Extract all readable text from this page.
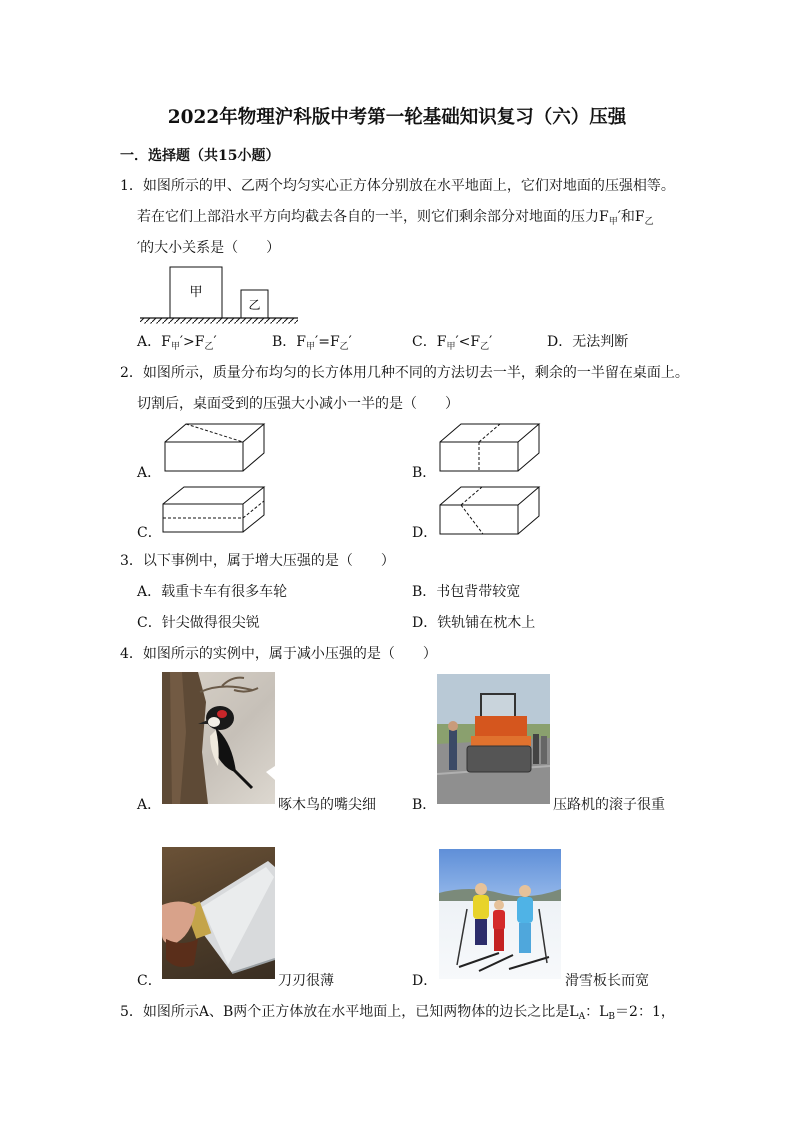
2022年物理沪科版中考第一轮基础知识复习（六）压强
一．选择题（共15小题）
1．如图所示的甲、乙两个均匀实心正方体分别放在水平地面上，它们对地面的压强相等。
若在它们上部沿水平方向均截去各自的一半，则它们剩余部分对地面的压力$F_甲'$和$F_乙$
′的大小关系是（　　）
甲
乙
A．$F_甲'>F_乙'$	B．$F_甲'=F_乙'$	C．$F_甲'<F_乙'$	D．无法判断
2．如图所示，质量分布均匀的长方体用几种不同的方法切去一半，剩余的一半留在桌面上。
切割后，桌面受到的压强大小减小一半的是（　　）
A．	B．
C．	D．
3．以下事例中，属于增大压强的是（　　）
A．载重卡车有很多车轮	B．书包背带较宽
C．针尖做得很尖锐	D．铁轨铺在枕木上
4．如图所示的实例中，属于减小压强的是（　　）
A．	啄木鸟的嘴尖细	B．	压路机的滚子很重
C．	刀刃很薄	D．	滑雪板长而宽
5．如图所示A、B两个正方体放在水平地面上，已知两物体的边长之比是$L_A$：$L_B=2$：1，
